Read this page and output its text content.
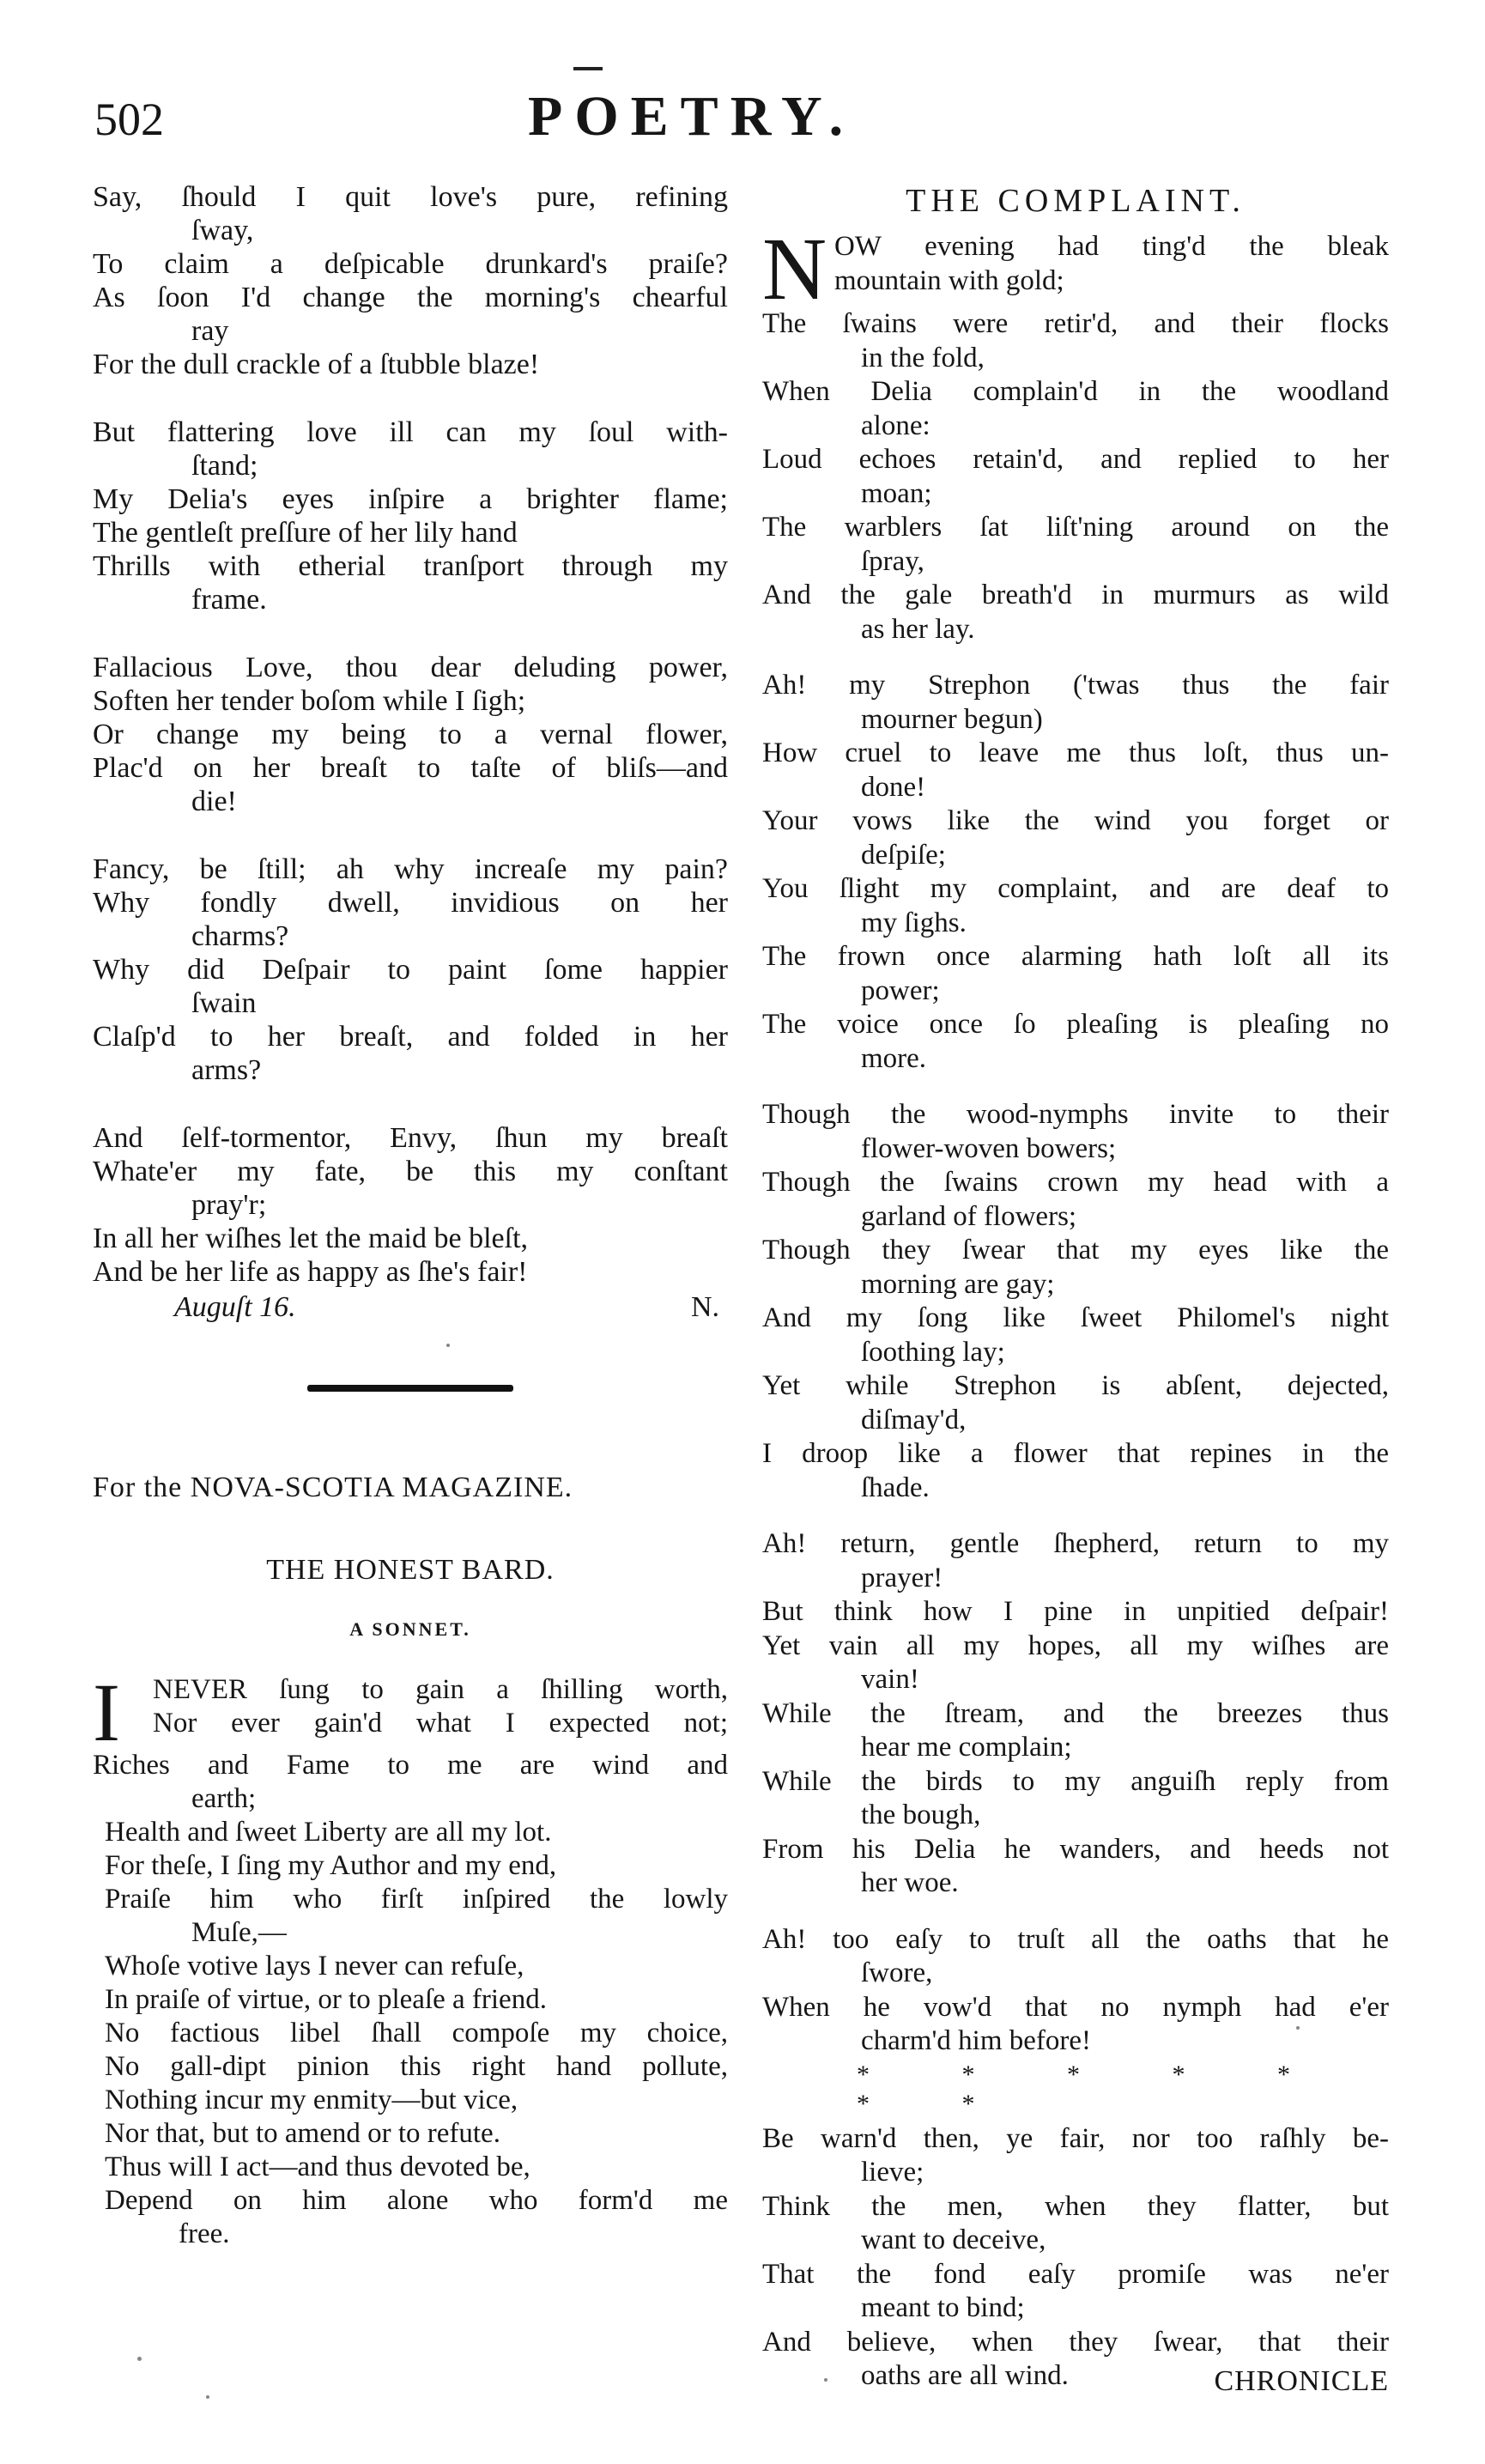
502	POETRY.
Say, ſhould I quit love's pure, refining
ſway,
To claim a deſpicable drunkard's praiſe?
As ſoon I'd change the morning's chearful
ray
For the dull crackle of a ſtubble blaze!
But flattering love ill can my ſoul with-
ſtand;
My Delia's eyes inſpire a brighter flame;
The gentleſt preſſure of her lily hand
Thrills with etherial tranſport through my
frame.
Fallacious Love, thou dear deluding power,
Soften her tender boſom while I ſigh;
Or change my being to a vernal flower,
Plac'd on her breaſt to taſte of bliſs—and
die!
Fancy, be ſtill; ah why increaſe my pain?
Why fondly dwell, invidious on her
charms?
Why did Deſpair to paint ſome happier
ſwain
Claſp'd to her breaſt, and folded in her
arms?
And ſelf-tormentor, Envy, ſhun my breaſt
Whate'er my fate, be this my conſtant
pray'r;
In all her wiſhes let the maid be bleſt,
And be her life as happy as ſhe's fair!
Auguſt 16.	N.
For the NOVA-SCOTIA MAGAZINE.
THE HONEST BARD.
A SONNET.
I	NEVER ſung to gain a ſhilling worth,
Nor ever gain'd what I expected not;
Riches and Fame to me are wind and
earth;
Health and ſweet Liberty are all my lot.
For theſe, I ſing my Author and my end,
Praiſe him who firſt inſpired the lowly
Muſe,—
Whoſe votive lays I never can refuſe,
In praiſe of virtue, or to pleaſe a friend.
No factious libel ſhall compoſe my choice,
No gall-dipt pinion this right hand pollute,
Nothing incur my enmity—but vice,
Nor that, but to amend or to refute.
Thus will I act—and thus devoted be,
Depend on him alone who form'd me
free.
THE COMPLAINT.
N OW evening had ting'd the bleak
mountain with gold;
The ſwains were retir'd, and their flocks
in the fold,
When Delia complain'd in the woodland
alone:
Loud echoes retain'd, and replied to her
moan;
The warblers ſat liſt'ning around on the
ſpray,
And the gale breath'd in murmurs as wild
as her lay.
Ah! my Strephon ('twas thus the fair
mourner begun)
How cruel to leave me thus loſt, thus un-
done!
Your vows like the wind you forget or
deſpiſe;
You ſlight my complaint, and are deaf to
my ſighs.
The frown once alarming hath loſt all its
power;
The voice once ſo pleaſing is pleaſing no
more.
Though the wood-nymphs invite to their
flower-woven bowers;
Though the ſwains crown my head with a
garland of flowers;
Though they ſwear that my eyes like the
morning are gay;
And my ſong like ſweet Philomel's night
ſoothing lay;
Yet while Strephon is abſent, dejected,
diſmay'd,
I droop like a flower that repines in the
ſhade.
Ah! return, gentle ſhepherd, return to my
prayer!
But think how I pine in unpitied deſpair!
Yet vain all my hopes, all my wiſhes are
vain!
While the ſtream, and the breezes thus
hear me complain;
While the birds to my anguiſh reply from
the bough,
From his Delia he wanders, and heeds not
her woe.
Ah! too eaſy to truſt all the oaths that he
ſwore,
When he vow'd that no nymph had e'er
charm'd him before!
* * * * * * *
Be warn'd then, ye fair, nor too raſhly be-
lieve;
Think the men, when they flatter, but
want to deceive,
That the fond eaſy promiſe was ne'er
meant to bind;
And believe, when they ſwear, that their
oaths are all wind.	CHRONICLE
